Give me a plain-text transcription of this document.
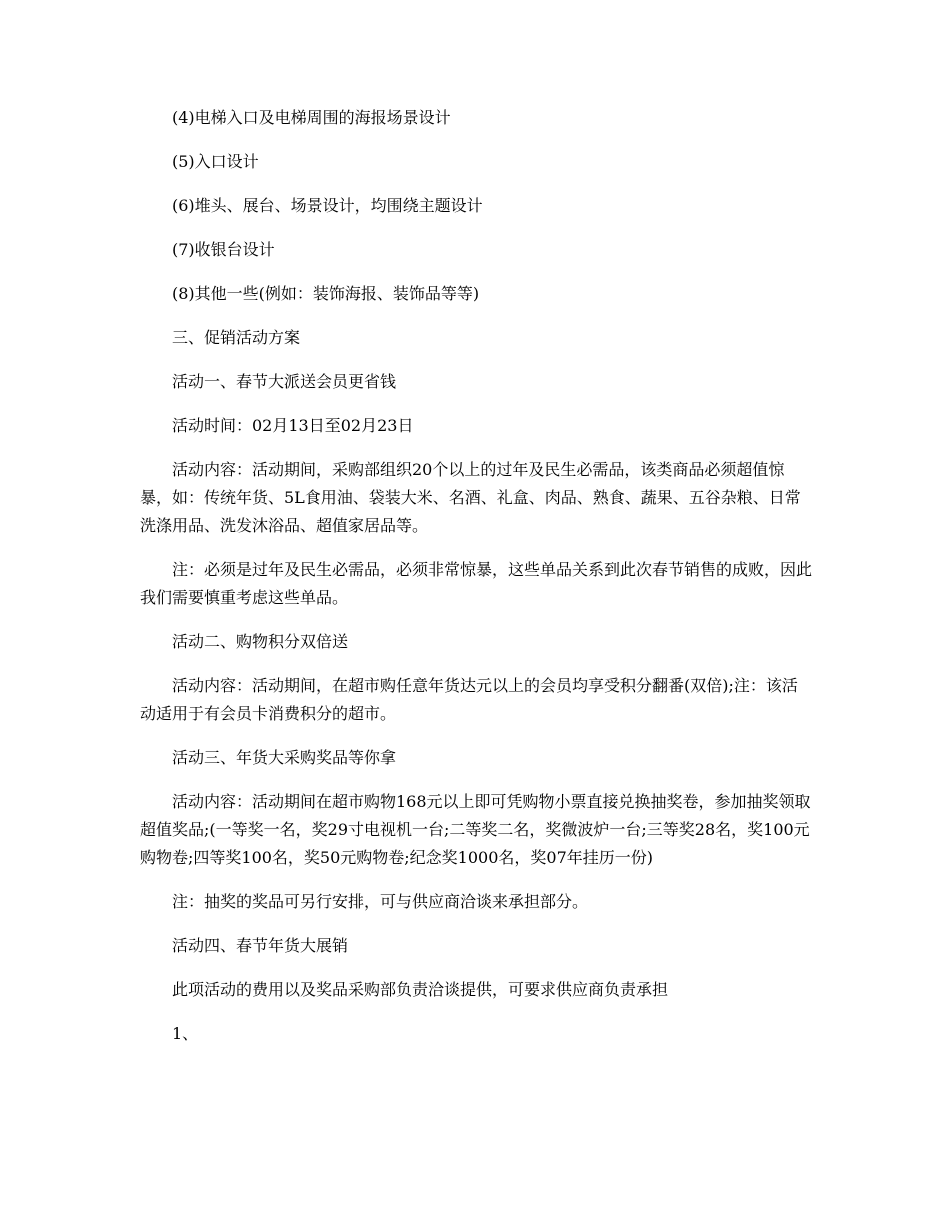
(4)电梯入口及电梯周围的海报场景设计

(5)入口设计

(6)堆头、展台、场景设计，均围绕主题设计

(7)收银台设计

(8)其他一些(例如：装饰海报、装饰品等等)

三、促销活动方案

活动一、春节大派送会员更省钱

活动时间：02月13日至02月23日

活动内容：活动期间，采购部组织20个以上的过年及民生必需品，该类商品必须超值惊暴，如：传统年货、5L食用油、袋装大米、名酒、礼盒、肉品、熟食、蔬果、五谷杂粮、日常洗涤用品、洗发沐浴品、超值家居品等。

注：必须是过年及民生必需品，必须非常惊暴，这些单品关系到此次春节销售的成败，因此我们需要慎重考虑这些单品。

活动二、购物积分双倍送

活动内容：活动期间，在超市购任意年货达元以上的会员均享受积分翻番(双倍);注：该活动适用于有会员卡消费积分的超市。

活动三、年货大采购奖品等你拿

活动内容：活动期间在超市购物168元以上即可凭购物小票直接兑换抽奖卷，参加抽奖领取超值奖品;(一等奖一名，奖29寸电视机一台;二等奖二名，奖微波炉一台;三等奖28名，奖100元购物卷;四等奖100名，奖50元购物卷;纪念奖1000名，奖07年挂历一份)

注：抽奖的奖品可另行安排，可与供应商洽谈来承担部分。

活动四、春节年货大展销

此项活动的费用以及奖品采购部负责洽谈提供，可要求供应商负责承担

1、
